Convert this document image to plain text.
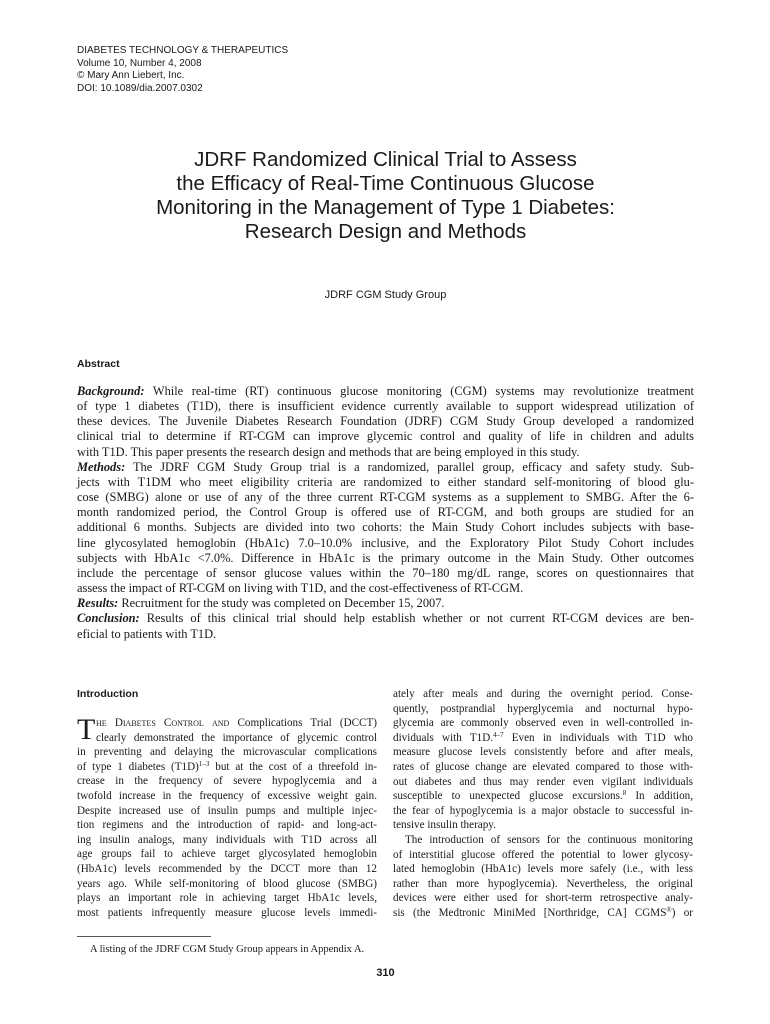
DIABETES TECHNOLOGY & THERAPEUTICS
Volume 10, Number 4, 2008
© Mary Ann Liebert, Inc.
DOI: 10.1089/dia.2007.0302
JDRF Randomized Clinical Trial to Assess
the Efficacy of Real-Time Continuous Glucose
Monitoring in the Management of Type 1 Diabetes:
Research Design and Methods
JDRF CGM Study Group
Abstract
Background: While real-time (RT) continuous glucose monitoring (CGM) systems may revolutionize treatment
of type 1 diabetes (T1D), there is insufficient evidence currently available to support widespread utilization of
these devices. The Juvenile Diabetes Research Foundation (JDRF) CGM Study Group developed a randomized
clinical trial to determine if RT-CGM can improve glycemic control and quality of life in children and adults
with T1D. This paper presents the research design and methods that are being employed in this study.
Methods: The JDRF CGM Study Group trial is a randomized, parallel group, efficacy and safety study. Sub-
jects with T1DM who meet eligibility criteria are randomized to either standard self-monitoring of blood glu-
cose (SMBG) alone or use of any of the three current RT-CGM systems as a supplement to SMBG. After the 6-
month randomized period, the Control Group is offered use of RT-CGM, and both groups are studied for an
additional 6 months. Subjects are divided into two cohorts: the Main Study Cohort includes subjects with base-
line glycosylated hemoglobin (HbA1c) 7.0–10.0% inclusive, and the Exploratory Pilot Study Cohort includes
subjects with HbA1c <7.0%. Difference in HbA1c is the primary outcome in the Main Study. Other outcomes
include the percentage of sensor glucose values within the 70–180 mg/dL range, scores on questionnaires that
assess the impact of RT-CGM on living with T1D, and the cost-effectiveness of RT-CGM.
Results: Recruitment for the study was completed on December 15, 2007.
Conclusion: Results of this clinical trial should help establish whether or not current RT-CGM devices are ben-
eficial to patients with T1D.
Introduction
T he Diabetes Control and Complications Trial (DCCT)
clearly demonstrated the importance of glycemic control
in preventing and delaying the microvascular complications
of type 1 diabetes $(T1D)^{1-3}$ but at the cost of a threefold in-
crease in the frequency of severe hypoglycemia and a
twofold increase in the frequency of excessive weight gain.
Despite increased use of insulin pumps and multiple injec-
tion regimens and the introduction of rapid- and long-act-
ing insulin analogs, many individuals with T1D across all
age groups fail to achieve target glycosylated hemoglobin
(HbA1c) levels recommended by the DCCT more than 12
years ago. While self-monitoring of blood glucose (SMBG)
plays an important role in achieving target HbA1c levels,
most patients infrequently measure glucose levels immedi-
ately after meals and during the overnight period. Conse-
quently, postprandial hyperglycemia and nocturnal hypo-
glycemia are commonly observed even in well-controlled in-
dividuals with T1D.$^{4-7}$ Even in individuals with T1D who
measure glucose levels consistently before and after meals,
rates of glucose change are elevated compared to those with-
out diabetes and thus may render even vigilant individuals
susceptible to unexpected glucose excursions.$^8$ In addition,
the fear of hypoglycemia is a major obstacle to successful in-
tensive insulin therapy.
The introduction of sensors for the continuous monitoring
of interstitial glucose offered the potential to lower glycosy-
lated hemoglobin (HbA1c) levels more safely (i.e., with less
rather than more hypoglycemia). Nevertheless, the original
devices were either used for short-term retrospective analy-
sis (the Medtronic MiniMed [Northridge, CA] CGMS®) or
A listing of the JDRF CGM Study Group appears in Appendix A.
310
